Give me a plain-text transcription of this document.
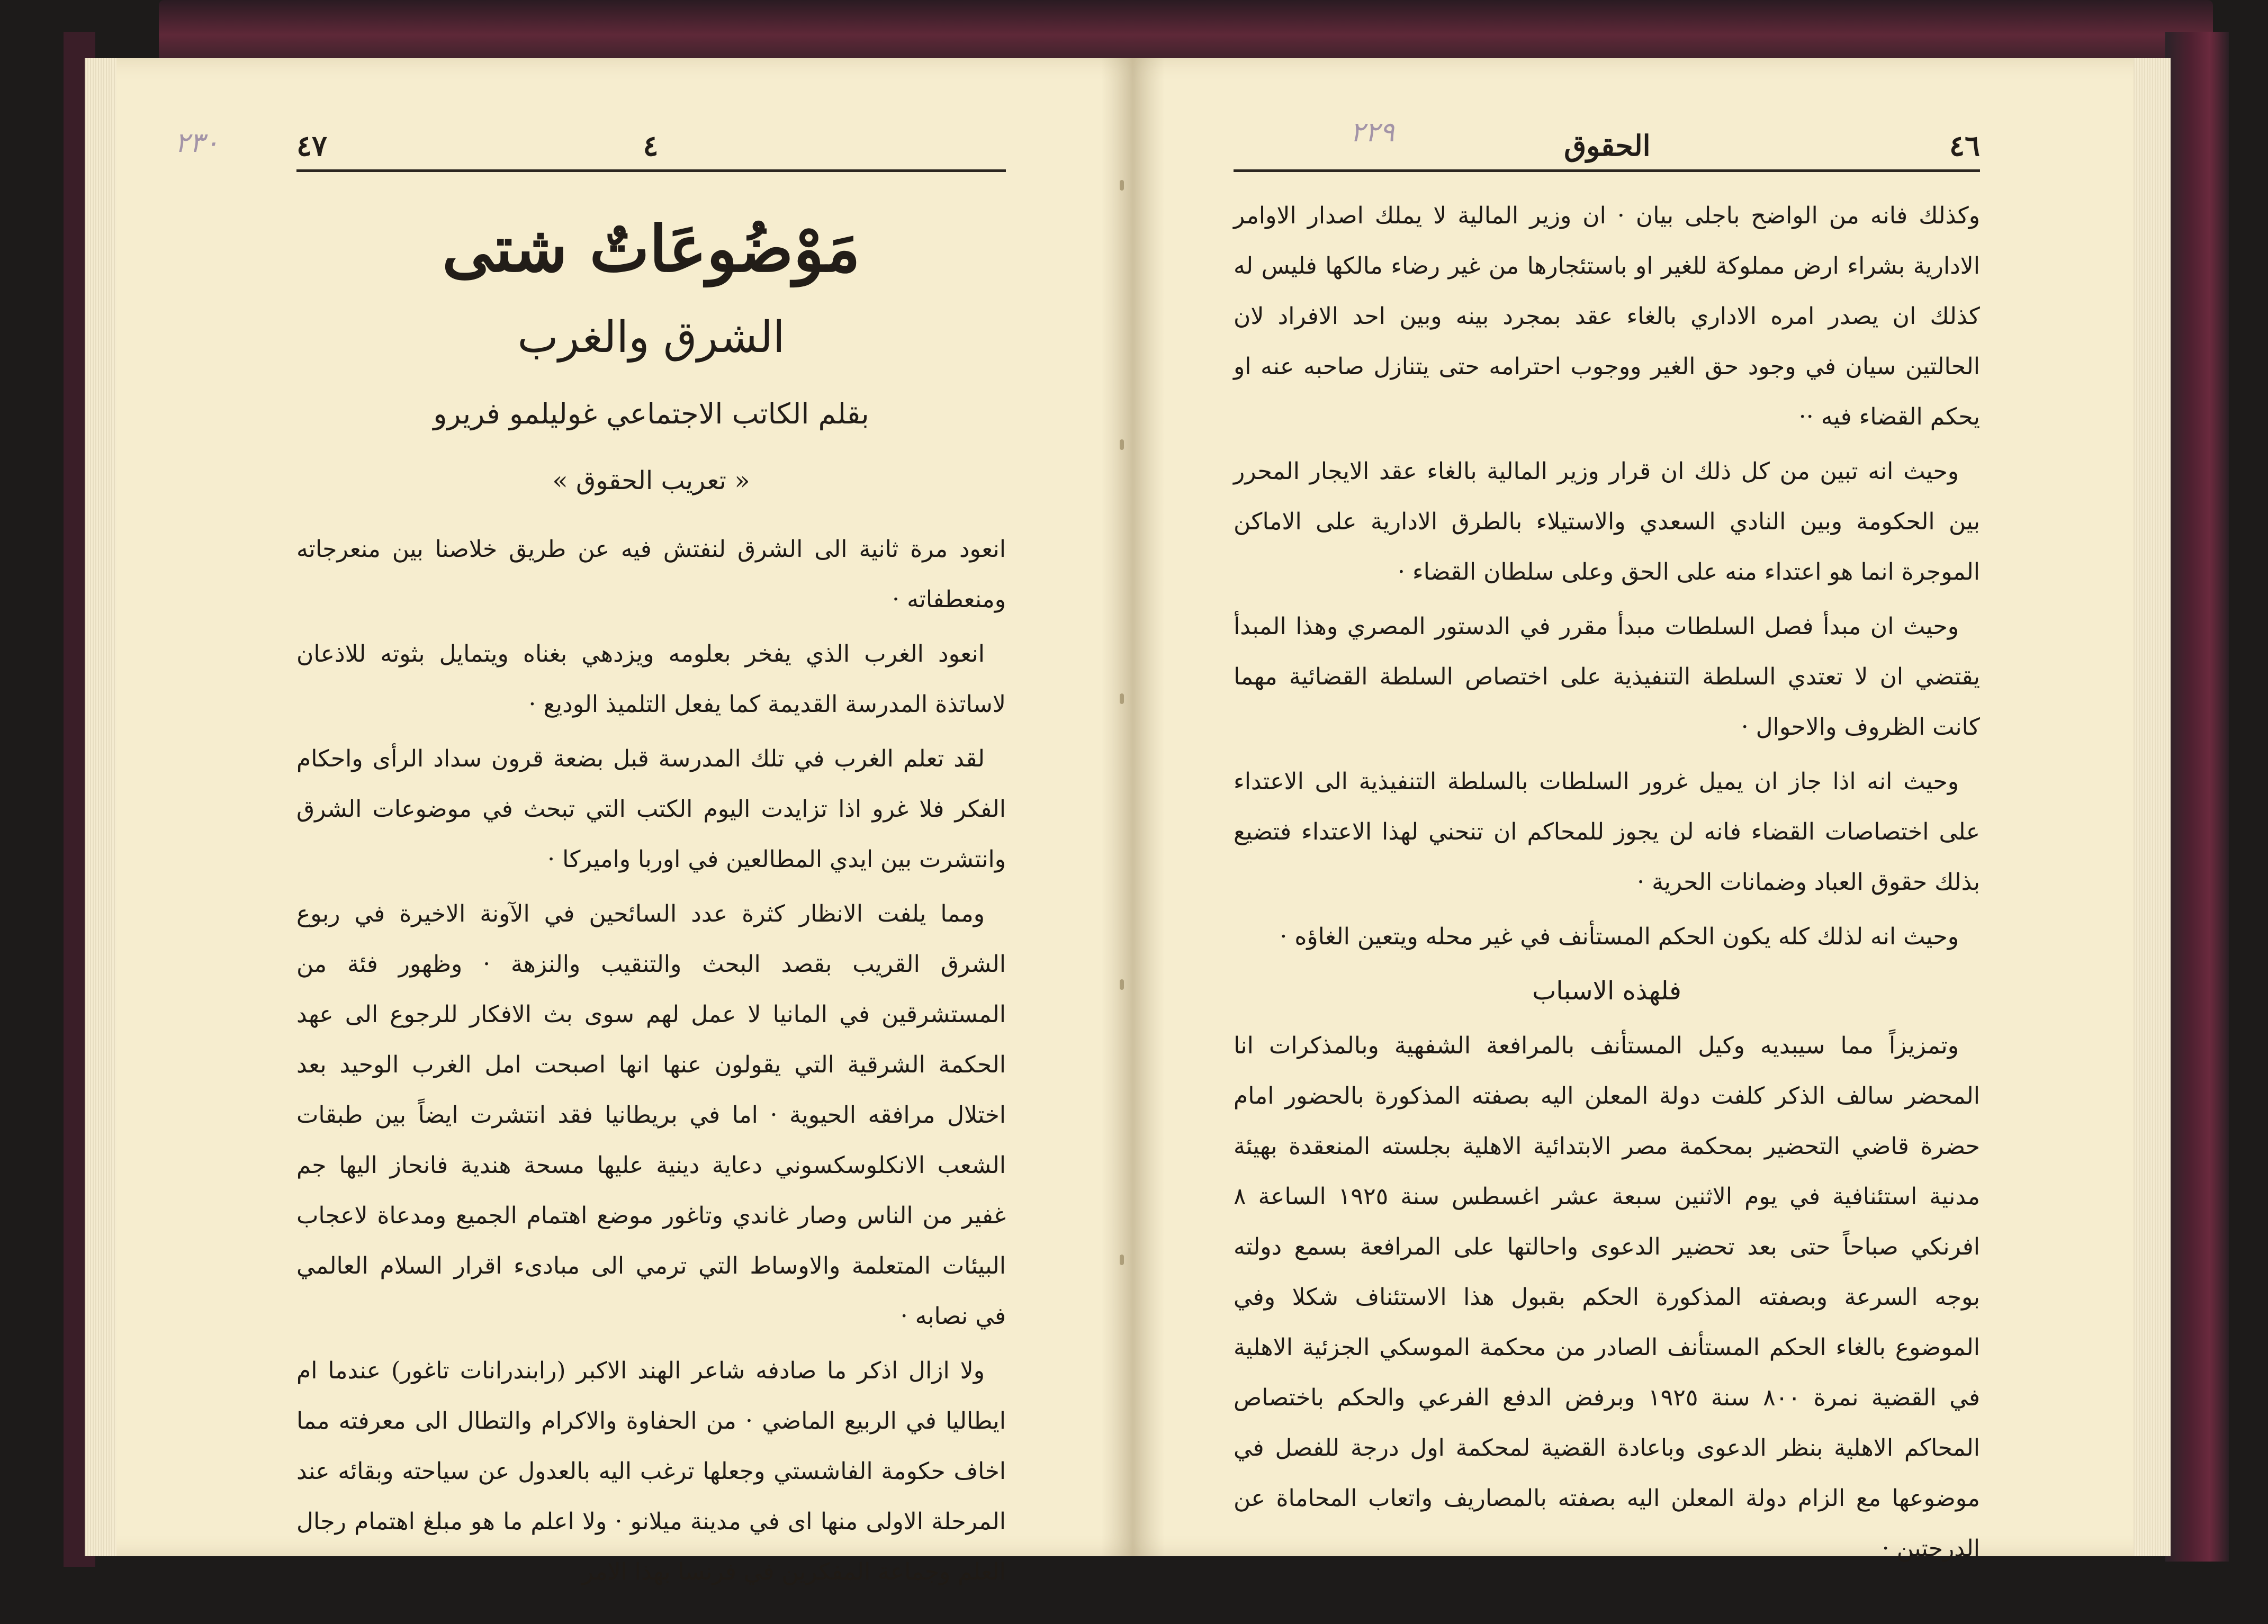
٢٣٠	٤٧	٤
مَوْضُوعَاتٌ شتى
الشرق والغرب
بقلم الكاتب الاجتماعي غوليلمو فريرو
« تعريب الحقوق »

انعود مرة ثانية الى الشرق لنفتش فيه عن طريق خلاصنا بين منعرجاته ومنعطفاته ·

انعود الغرب الذي يفخر بعلومه ويزدهي بغناه ويتمايل بثوته للاذعان لاساتذة المدرسة القديمة كما يفعل التلميذ الوديع ·

لقد تعلم الغرب في تلك المدرسة قبل بضعة قرون سداد الرأى واحكام الفكر فلا غرو اذا تزايدت اليوم الكتب التي تبحث في موضوعات الشرق وانتشرت بين ايدي المطالعين في اوربا واميركا ·

ومما يلفت الانظار كثرة عدد السائحين في الآونة الاخيرة في ربوع الشرق القريب بقصد البحث والتنقيب والنزهة · وظهور فئة من المستشرقين في المانيا لا عمل لهم سوى بث الافكار للرجوع الى عهد الحكمة الشرقية التي يقولون عنها انها اصبحت امل الغرب الوحيد بعد اختلال مرافقه الحيوية · اما في بريطانيا فقد انتشرت ايضاً بين طبقات الشعب الانكلوسكسوني دعاية دينية عليها مسحة هندية فانحاز اليها جم غفير من الناس وصار غاندي وتاغور موضع اهتمام الجميع ومدعاة لاعجاب البيئات المتعلمة والاوساط التي ترمي الى مبادىء اقرار السلام العالمي في نصابه ·

ولا ازال اذكر ما صادفه شاعر الهند الاكبر (رابندرانات تاغور) عندما ام ايطاليا في الربيع الماضي · من الحفاوة والاكرام والتطال الى معرفته مما اخاف حكومة الفاشستي وجعلها ترغب اليه بالعدول عن سياحته وبقائه عند المرحلة الاولى منها اى في مدينة ميلانو · ولا اعلم ما هو مبلغ اهتمام رجال العلم وجماعة المفكرين في فرنسا بهذا الامر

٢٢٩	الحقوق	٤٦

وكذلك فانه من الواضح باجلى بيان · ان وزير المالية لا يملك اصدار الاوامر الادارية بشراء ارض مملوكة للغير او باستئجارها من غير رضاء مالكها فليس له كذلك ان يصدر امره الاداري بالغاء عقد بمجرد بينه وبين احد الافراد لان الحالتين سيان في وجود حق الغير ووجوب احترامه حتى يتنازل صاحبه عنه او يحكم القضاء فيه ··

وحيث انه تبين من كل ذلك ان قرار وزير المالية بالغاء عقد الايجار المحرر بين الحكومة وبين النادي السعدي والاستيلاء بالطرق الادارية على الاماكن الموجرة انما هو اعتداء منه على الحق وعلى سلطان القضاء ·

وحيث ان مبدأ فصل السلطات مبدأ مقرر في الدستور المصري وهذا المبدأ يقتضي ان لا تعتدي السلطة التنفيذية على اختصاص السلطة القضائية مهما كانت الظروف والاحوال ·

وحيث انه اذا جاز ان يميل غرور السلطات بالسلطة التنفيذية الى الاعتداء على اختصاصات القضاء فانه لن يجوز للمحاكم ان تنحني لهذا الاعتداء فتضيع بذلك حقوق العباد وضمانات الحرية ·

وحيث انه لذلك كله يكون الحكم المستأنف في غير محله ويتعين الغاؤه ·

فلهذه الاسباب

وتمزيزاً مما سيبديه وكيل المستأنف بالمرافعة الشفهية وبالمذكرات انا المحضر سالف الذكر كلفت دولة المعلن اليه بصفته المذكورة بالحضور امام حضرة قاضي التحضير بمحكمة مصر الابتدائية الاهلية بجلسته المنعقدة بهيئة مدنية استئنافية في يوم الاثنين سبعة عشر اغسطس سنة ١٩٢٥ الساعة ٨ افرنكي صباحاً حتى بعد تحضير الدعوى واحالتها على المرافعة بسمع دولته بوجه السرعة وبصفته المذكورة الحكم بقبول هذا الاستئناف شكلا وفي الموضوع بالغاء الحكم المستأنف الصادر من محكمة الموسكي الجزئية الاهلية في القضية نمرة ٨٠٠ سنة ١٩٢٥ وبرفض الدفع الفرعي والحكم باختصاص المحاكم الاهلية بنظر الدعوى وباعادة القضية لمحكمة اول درجة للفصل في موضوعها مع الزام دولة المعلن اليه بصفته بالمصاريف واتعاب المحاماة عن الدرجتين ·
